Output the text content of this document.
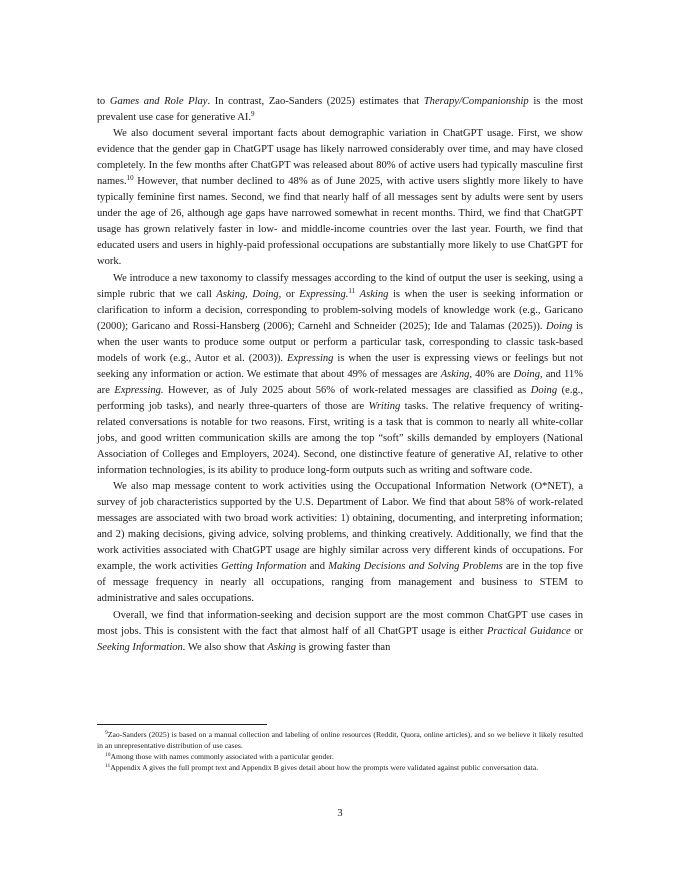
to Games and Role Play. In contrast, Zao-Sanders (2025) estimates that Therapy/Companionship is the most prevalent use case for generative AI.$^9$

We also document several important facts about demographic variation in ChatGPT usage. First, we show evidence that the gender gap in ChatGPT usage has likely narrowed considerably over time, and may have closed completely. In the few months after ChatGPT was released about 80% of active users had typically masculine first names.$^{10}$ However, that number declined to 48% as of June 2025, with active users slightly more likely to have typically feminine first names. Second, we find that nearly half of all messages sent by adults were sent by users under the age of 26, although age gaps have narrowed somewhat in recent months. Third, we find that ChatGPT usage has grown relatively faster in low- and middle-income countries over the last year. Fourth, we find that educated users and users in highly-paid professional occupations are substantially more likely to use ChatGPT for work.

We introduce a new taxonomy to classify messages according to the kind of output the user is seeking, using a simple rubric that we call Asking, Doing, or Expressing.$^{11}$ Asking is when the user is seeking information or clarification to inform a decision, corresponding to problem-solving models of knowledge work (e.g., Garicano (2000); Garicano and Rossi-Hansberg (2006); Carnehl and Schneider (2025); Ide and Talamas (2025)). Doing is when the user wants to produce some output or perform a particular task, corresponding to classic task-based models of work (e.g., Autor et al. (2003)). Expressing is when the user is expressing views or feelings but not seeking any information or action. We estimate that about 49% of messages are Asking, 40% are Doing, and 11% are Expressing. However, as of July 2025 about 56% of work-related messages are classified as Doing (e.g., performing job tasks), and nearly three-quarters of those are Writing tasks. The relative frequency of writing-related conversations is notable for two reasons. First, writing is a task that is common to nearly all white-collar jobs, and good written communication skills are among the top “soft” skills demanded by employers (National Association of Colleges and Employers, 2024). Second, one distinctive feature of generative AI, relative to other information technologies, is its ability to produce long-form outputs such as writing and software code.

We also map message content to work activities using the Occupational Information Network (O*NET), a survey of job characteristics supported by the U.S. Department of Labor. We find that about 58% of work-related messages are associated with two broad work activities: 1) obtaining, documenting, and interpreting information; and 2) making decisions, giving advice, solving problems, and thinking creatively. Additionally, we find that the work activities associated with ChatGPT usage are highly similar across very different kinds of occupations. For example, the work activities Getting Information and Making Decisions and Solving Problems are in the top five of message frequency in nearly all occupations, ranging from management and business to STEM to administrative and sales occupations.

Overall, we find that information-seeking and decision support are the most common ChatGPT use cases in most jobs. This is consistent with the fact that almost half of all ChatGPT usage is either Practical Guidance or Seeking Information. We also show that Asking is growing faster than

$^9$Zao-Sanders (2025) is based on a manual collection and labeling of online resources (Reddit, Quora, online articles), and so we believe it likely resulted in an unrepresentative distribution of use cases.

$^{10}$Among those with names commonly associated with a particular gender.

$^{11}$Appendix A gives the full prompt text and Appendix B gives detail about how the prompts were validated against public conversation data.

3
